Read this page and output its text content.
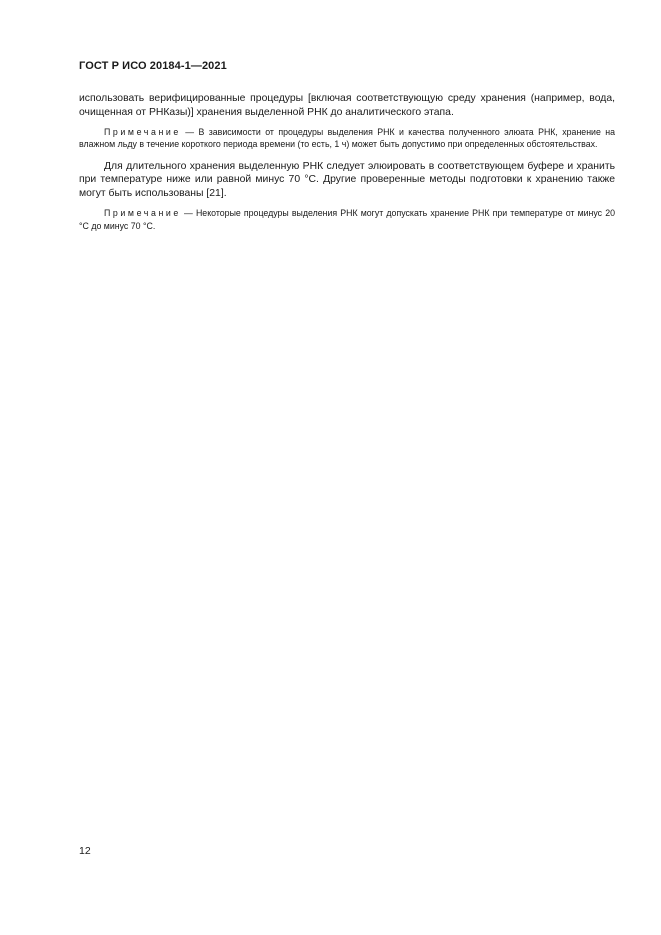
ГОСТ Р ИСО 20184-1—2021

использовать верифицированные процедуры [включая соответствующую среду хранения (например, вода, очищенная от РНКазы)] хранения выделенной РНК до аналитического этапа.

Примечание — В зависимости от процедуры выделения РНК и качества полученного элюата РНК, хранение на влажном льду в течение короткого периода времени (то есть, 1 ч) может быть допустимо при определенных обстоятельствах.

Для длительного хранения выделенную РНК следует элюировать в соответствующем буфере и хранить при температуре ниже или равной минус 70 °С. Другие проверенные методы подготовки к хранению также могут быть использованы [21].

Примечание — Некоторые процедуры выделения РНК могут допускать хранение РНК при температуре от минус 20 °С до минус 70 °С.

12
